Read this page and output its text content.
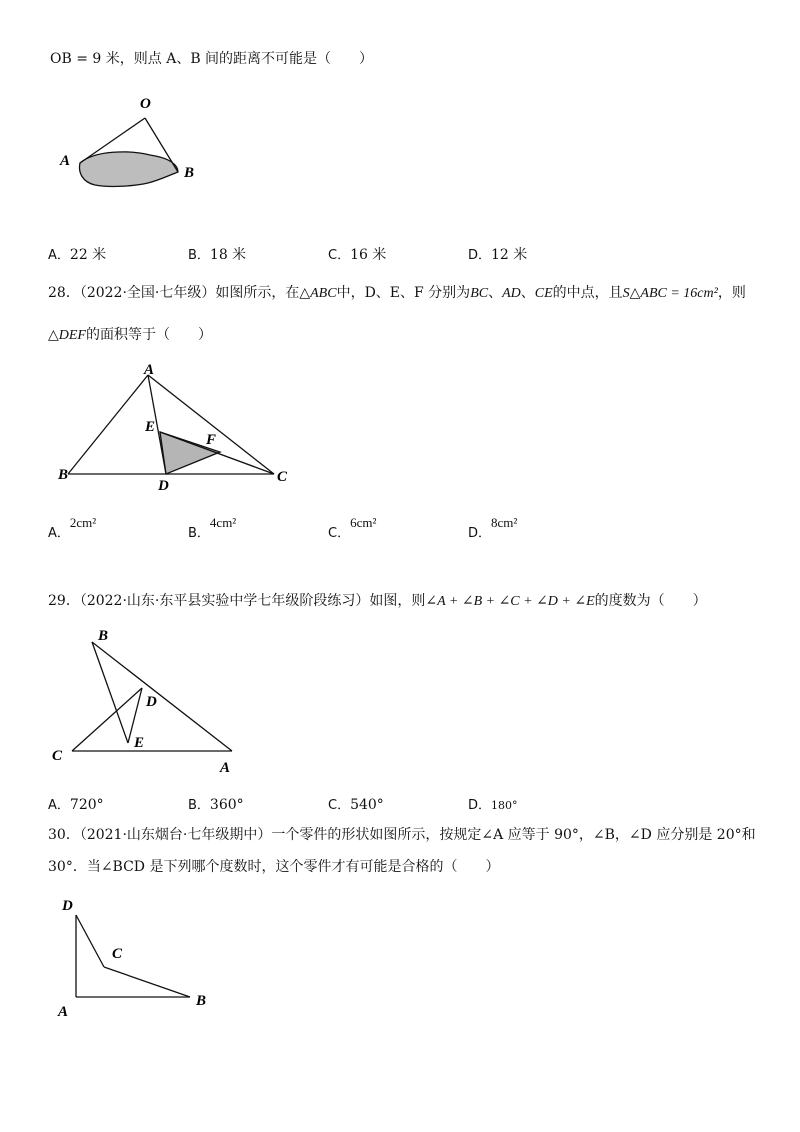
OB = 9 米，则点 A、B 间的距离不可能是（　　）
O
A
B
A．22 米	B．18 米	C．16 米	D．12 米
28．（2022·全国·七年级）如图所示，在△ABC中，D、E、F 分别为BC、AD、CE的中点，且S△ABC = 16cm²，则
△DEF的面积等于（　　）
A
B	C
D
E
F
A．2cm²
B．4cm²
C．6cm²
D．8cm²
29．（2022·山东·东平县实验中学七年级阶段练习）如图，则∠A + ∠B + ∠C + ∠D + ∠E的度数为（　　）
B
D
E
C
A
A．720°	B．360°	C．540°	D．180°
30．（2021·山东烟台·七年级期中）一个零件的形状如图所示，按规定∠A 应等于 90°，∠B，∠D 应分别是 20°和
30°．当∠BCD 是下列哪个度数时，这个零件才有可能是合格的（　　）
D
C
A
B
